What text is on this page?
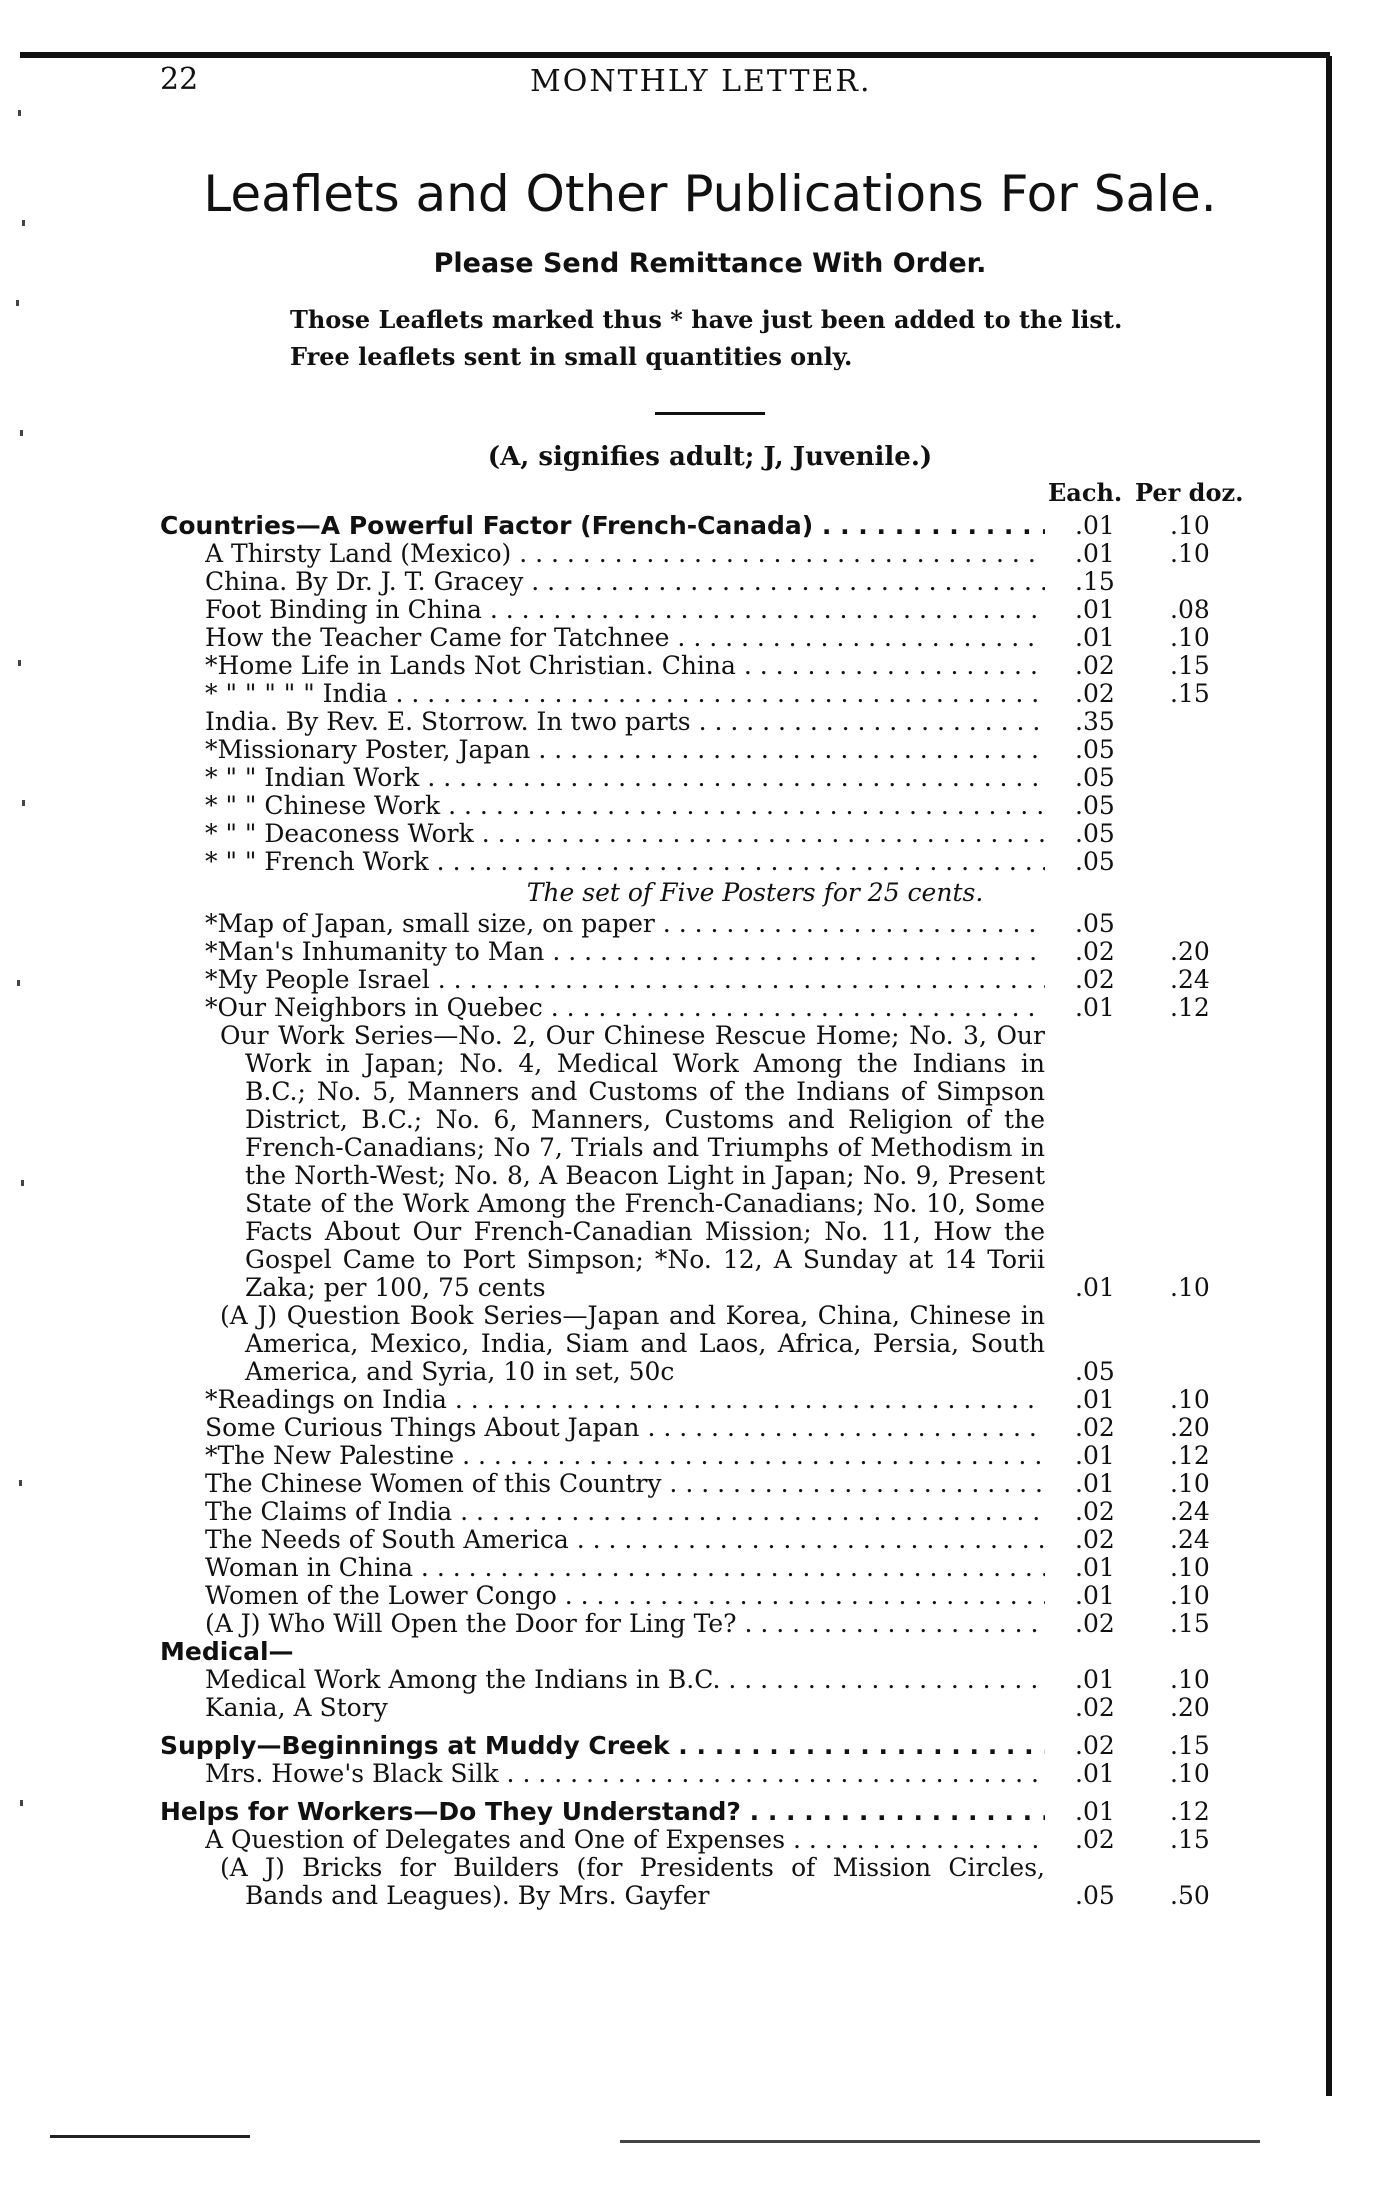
22	MONTHLY LETTER.
Leaflets and Other Publications For Sale.
Please Send Remittance With Order.
Those Leaflets marked thus * have just been added to the list.
Free leaflets sent in small quantities only.
(A, signifies adult; J, Juvenile.)
Each. Per doz.
Countries—A Powerful Factor (French-Canada) . . .	.01 .10
A Thirsty Land (Mexico) . . .	.01 .10
China. By Dr. J. T. Gracey . . .	.15
Foot Binding in China . . .	.01 .08
How the Teacher Came for Tatchnee . . .	.01 .10
*Home Life in Lands Not Christian. China . . .	.02 .15
* " " " " " India . . .	.02 .15
India. By Rev. E. Storrow. In two parts . . .	.35
*Missionary Poster, Japan . . .	.05
* " " Indian Work . . .	.05
* " " Chinese Work . . .	.05
* " " Deaconess Work . . .	.05
* " " French Work . . .	.05
The set of Five Posters for 25 cents.
*Map of Japan, small size, on paper . . .	.05
*Man's Inhumanity to Man . . .	.02 .20
*My People Israel . . .	.02 .24
*Our Neighbors in Quebec . . .	.01 .12
Our Work Series—No. 2, Our Chinese Rescue Home; No. 3, Our Work in Japan; No. 4, Medical Work Among the Indians in B.C.; No. 5, Manners and Customs of the Indians of Simpson District, B.C.; No. 6, Manners, Customs and Religion of the French-Canadians; No 7, Trials and Triumphs of Methodism in the North-West; No. 8, A Beacon Light in Japan; No. 9, Present State of the Work Among the French-Canadians; No. 10, Some Facts About Our French-Canadian Mission; No. 11, How the Gospel Came to Port Simpson; *No. 12, A Sunday at 14 Torii Zaka; per 100, 75 cents	.01 .10
(A J) Question Book Series—Japan and Korea, China, Chinese in America, Mexico, India, Siam and Laos, Africa, Persia, South America, and Syria, 10 in set, 50c	.05
*Readings on India . . .	.01 .10
Some Curious Things About Japan . . .	.02 .20
*The New Palestine . . .	.01 .12
The Chinese Women of this Country . . .	.01 .10
The Claims of India . . .	.02 .24
The Needs of South America . . .	.02 .24
Woman in China . . .	.01 .10
Women of the Lower Congo . . .	.01 .10
(A J) Who Will Open the Door for Ling Te? . . .	.02 .15
Medical—
Medical Work Among the Indians in B.C. . . .	.01 .10
Kania, A Story	.02 .20
Supply—Beginnings at Muddy Creek . . .	.02 .15
Mrs. Howe's Black Silk . . .	.01 .10
Helps for Workers—Do They Understand? . . .	.01 .12
A Question of Delegates and One of Expenses . . .	.02 .15
(A J) Bricks for Builders (for Presidents of Mission Circles, Bands and Leagues). By Mrs. Gayfer	.05 .50
